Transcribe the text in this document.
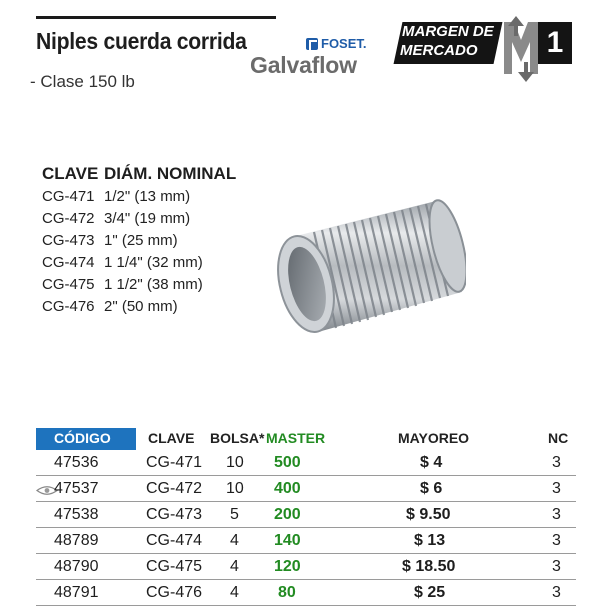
Niples cuerda corrida
- Clase 150 lb
FOSET.
Galvaflow
MARGEN DE
MERCADO 1
CLAVE DIÁM. NOMINAL
CG-471 1/2" (13 mm)
CG-472 3/4" (19 mm)
CG-473 1" (25 mm)
CG-474 1 1/4" (32 mm)
CG-475 1 1/2" (38 mm)
CG-476 2" (50 mm)
CÓDIGO	CLAVE BOLSA* MASTER	MAYOREO	NC
47536	CG-471 10 500	$ 4	3
47537	CG-472 10 400	$ 6	3
47538	CG-473 5 200	$ 9.50	3
48789	CG-474 4 140	$ 13	3
48790	CG-475 4 120	$ 18.50	3
48791	CG-476 4 80	$ 25	3
